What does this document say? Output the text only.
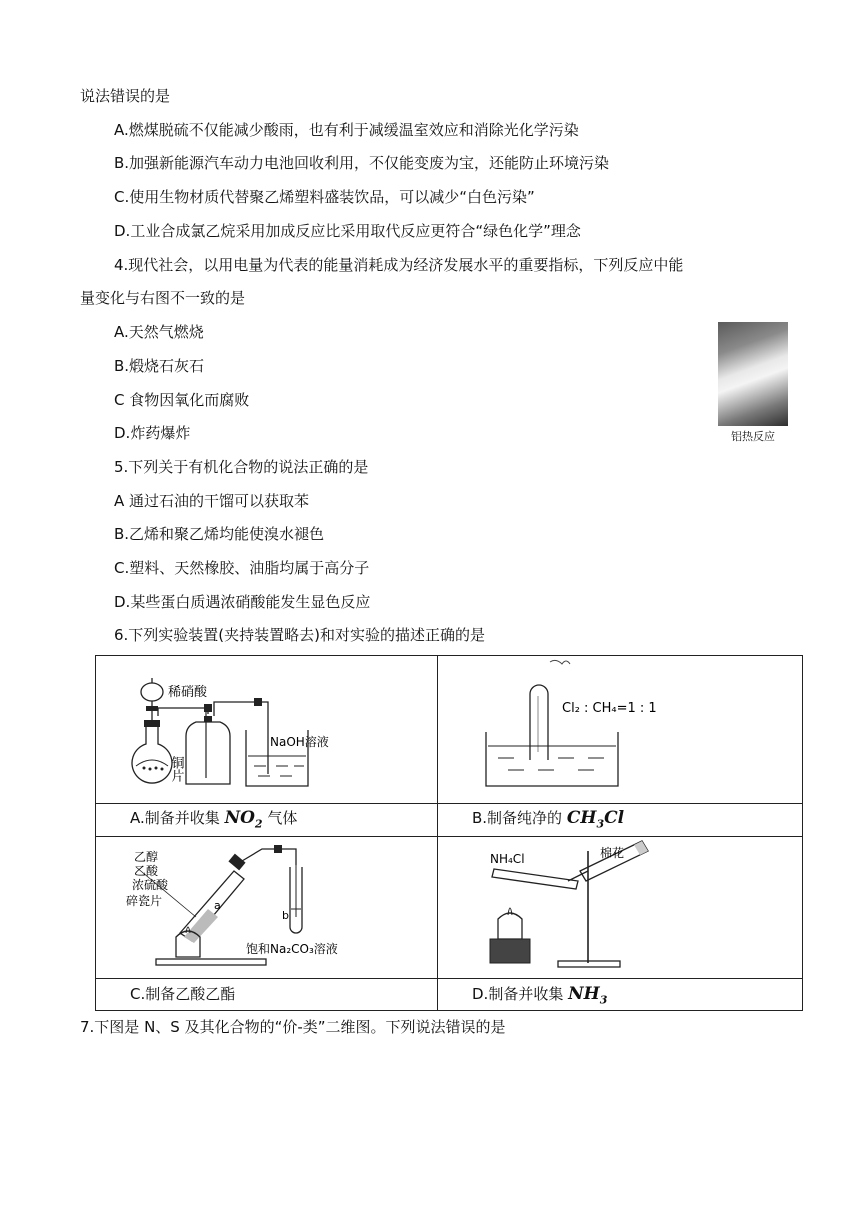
说法错误的是
A.燃煤脱硫不仅能减少酸雨，也有利于减缓温室效应和消除光化学污染
B.加强新能源汽车动力电池回收利用，不仅能变废为宝，还能防止环境污染
C.使用生物材质代替聚乙烯塑料盛装饮品，可以减少“白色污染”
D.工业合成氯乙烷采用加成反应比采用取代反应更符合“绿色化学”理念
4.现代社会，以用电量为代表的能量消耗成为经济发展水平的重要指标，下列反应中能
量变化与右图不一致的是
A.天然气燃烧
B.煅烧石灰石
C 食物因氧化而腐败
D.炸药爆炸	铝热反应
5.下列关于有机化合物的说法正确的是
A 通过石油的干馏可以获取苯
B.乙烯和聚乙烯均能使溴水褪色
C.塑料、天然橡胶、油脂均属于高分子
D.某些蛋白质遇浓硝酸能发生显色反应
6.下列实验装置(夹持装置略去)和对实验的描述正确的是
稀硝酸
NaOH溶液
铜片
Cl₂ : CH₄=1 : 1
A.制备并收集 $NO_2$ 气体	B.制备纯净的 $CH_3Cl$
乙醇
乙酸
浓硫酸
碎瓷片	a
b
饱和Na₂CO₃溶液
NH₄Cl	棉花
C.制备乙酸乙酯	D.制备并收集 $NH_3$
7.下图是 N、S 及其化合物的“价-类”二维图。下列说法错误的是
